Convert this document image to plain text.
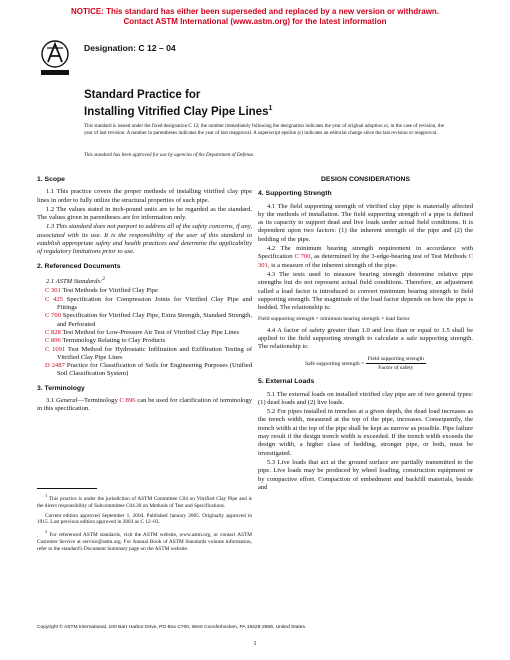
NOTICE: This standard has either been superseded and replaced by a new version or withdrawn.
Contact ASTM International (www.astm.org) for the latest information
Designation: C 12 – 04
Standard Practice for
Installing Vitrified Clay Pipe Lines$^1$
This standard is issued under the fixed designation C 12; the number immediately following the designation indicates the year of original adoption or, in the case of revision, the year of last revision. A number in parentheses indicates the year of last reapproval. A superscript epsilon (ε) indicates an editorial change since the last revision or reapproval.
This standard has been approved for use by agencies of the Department of Defense.
1. Scope

1.1 This practice covers the proper methods of installing vitrified clay pipe lines in order to fully utilize the structural properties of such pipe.

1.2 The values stated in inch-pound units are to be regarded as the standard. The values given in parentheses are for information only.

1.3 This standard does not purport to address all of the safety concerns, if any, associated with its use. It is the responsibility of the user of this standard to establish appropriate safety and health practices and determine the applicability of regulatory limitations prior to use.

2. Referenced Documents

2.1 ASTM Standards:$^2$

C 301 Test Methods for Vitrified Clay Pipe
C 425 Specification for Compression Joints for Vitrified Clay Pipe and Fittings
C 700 Specification for Vitrified Clay Pipe, Extra Strength, Standard Strength, and Perforated
C 828 Test Method for Low-Pressure Air Test of Vitrified Clay Pipe Lines
C 896 Terminology Relating to Clay Products
C 1091 Test Method for Hydrostatic Infiltration and Exfiltration Testing of Vitrified Clay Pipe Lines
D 2487 Practice for Classification of Soils for Engineering Purposes (Unified Soil Classification System)
3. Terminology

3.1 General—Terminology C 896 can be used for clarification of terminology in this specification.

$^1$ This practice is under the jurisdiction of ASTM Committee C04 on Vitrified Clay Pipe and is the direct responsibility of Subcommittee C04.20 on Methods of Test and Specifications.

Current edition approved September 1, 2004. Published January 2005. Originally approved in 1915. Last previous edition approved in 2003 as C 12–03.

$^2$ For referenced ASTM standards, visit the ASTM website, www.astm.org, or contact ASTM Customer Service at service@astm.org. For Annual Book of ASTM Standards volume information, refer to the standard's Document Summary page on the ASTM website.

DESIGN CONSIDERATIONS
4. Supporting Strength

4.1 The field supporting strength of vitrified clay pipe is materially affected by the methods of installation. The field supporting strength of a pipe is defined as its capacity to support dead and live loads under actual field conditions. It is dependent upon two factors: (1) the inherent strength of the pipe and (2) the bedding of the pipe.

4.2 The minimum bearing strength requirement in accordance with Specification C 700, as determined by the 3-edge-bearing test of Test Methods C 301, is a measure of the inherent strength of the pipe.

4.3 The tests used to measure bearing strength determine relative pipe strengths but do not represent actual field conditions. Therefore, an adjustment called a load factor is introduced to convert minimum bearing strength to field supporting strength. The magnitude of the load factor depends on how the pipe is bedded. The relationship is:

Field supporting strength = minimum bearing strength × load factor

4.4 A factor of safety greater than 1.0 and less than or equal to 1.5 shall be applied to the field supporting strength to calculate a safe supporting strength. The relationship is:

Safe supporting strength = $\frac{\text{Field supporting strength}}{\text{Factor of safety}}$
5. External Loads

5.1 The external loads on installed vitrified clay pipe are of two general types: (1) dead loads and (2) live loads.

5.2 For pipes installed in trenches at a given depth, the dead load increases as the trench width, measured at the top of the pipe, increases. Consequently, the trench width at the top of the pipe shall be kept as narrow as possible. Pipe failure may result if the design trench width is exceeded. If the trench width exceeds the design width, a higher class of bedding, stronger pipe, or both, must be investigated.

5.3 Live loads that act at the ground surface are partially transmitted to the pipe. Live loads may be produced by wheel loading, construction equipment or by compactive effort. Compaction of embedment and backfill materials, beside and

Copyright © ASTM International, 100 Barr Harbor Drive, PO Box C700, West Conshohocken, PA 19428-2959, United States.
1
